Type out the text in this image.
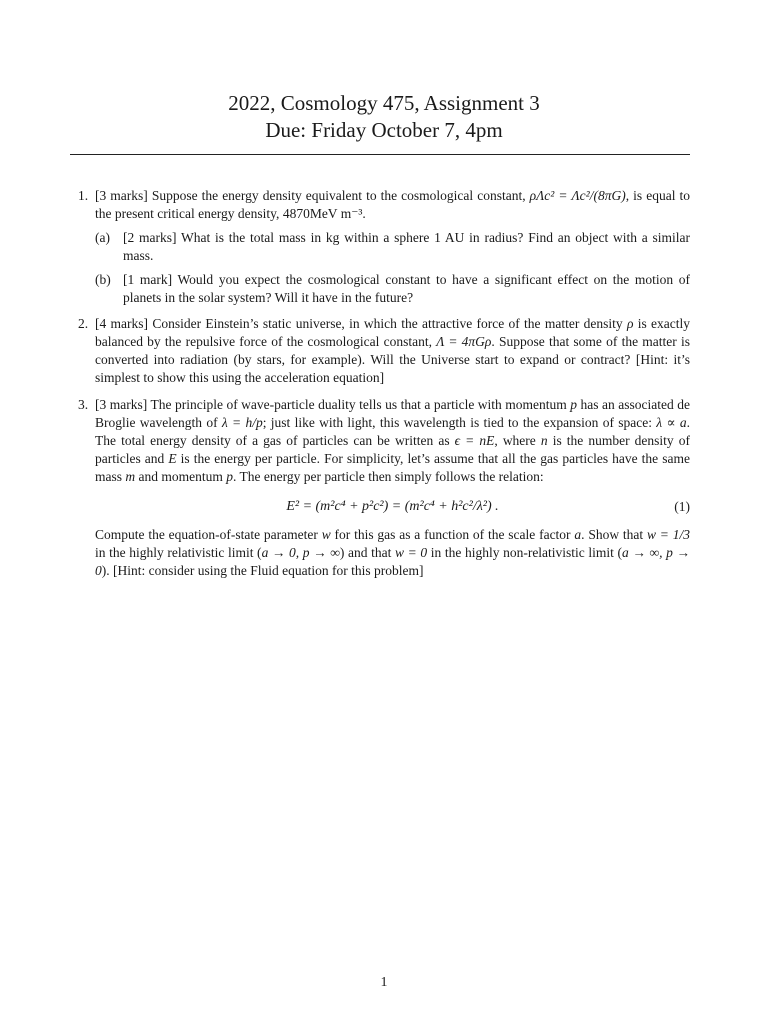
2022, Cosmology 475, Assignment 3
Due: Friday October 7, 4pm
1. [3 marks] Suppose the energy density equivalent to the cosmological constant, ρΛc² = Λc²/(8πG), is equal to the present critical energy density, 4870MeV m⁻³.
(a) [2 marks] What is the total mass in kg within a sphere 1 AU in radius? Find an object with a similar mass.
(b) [1 mark] Would you expect the cosmological constant to have a significant effect on the motion of planets in the solar system? Will it have in the future?
2. [4 marks] Consider Einstein’s static universe, in which the attractive force of the matter density ρ is exactly balanced by the repulsive force of the cosmological constant, Λ = 4πGρ. Suppose that some of the matter is converted into radiation (by stars, for example). Will the Universe start to expand or contract? [Hint: it’s simplest to show this using the acceleration equation]
3. [3 marks] The principle of wave-particle duality tells us that a particle with momentum p has an associated de Broglie wavelength of λ = h/p; just like with light, this wavelength is tied to the expansion of space: λ ∝ a. The total energy density of a gas of particles can be written as ϵ = nE, where n is the number density of particles and E is the energy per particle. For simplicity, let’s assume that all the gas particles have the same mass m and momentum p. The energy per particle then simply follows the relation:
E² = (m²c⁴ + p²c²) = (m²c⁴ + h²c²/λ²) .	(1)
Compute the equation-of-state parameter w for this gas as a function of the scale factor a. Show that w = 1/3 in the highly relativistic limit (a → 0, p → ∞) and that w = 0 in the highly non-relativistic limit (a → ∞, p → 0). [Hint: consider using the Fluid equation for this problem]
1
